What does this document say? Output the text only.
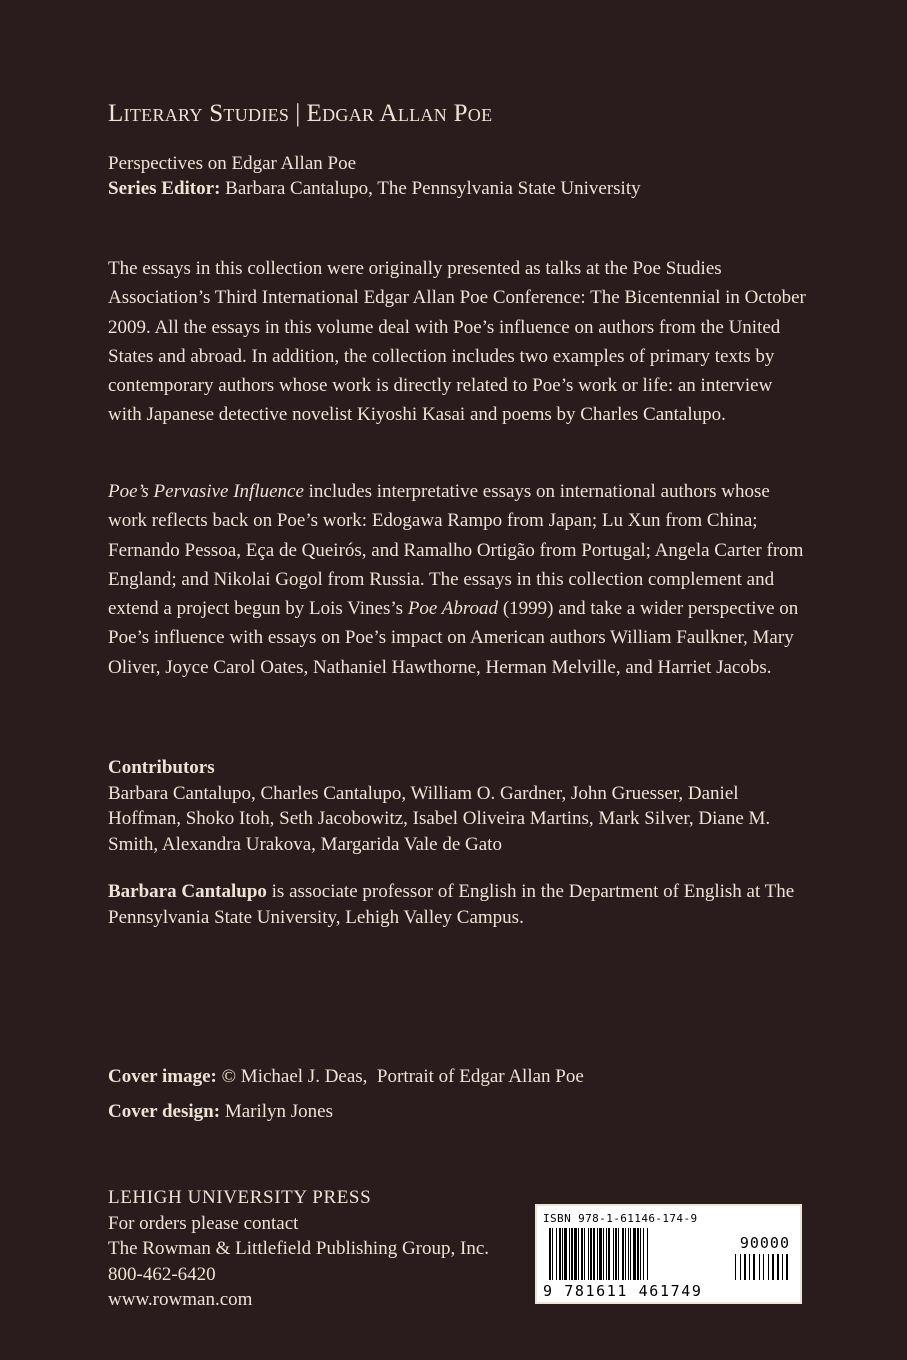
Literary Studies | Edgar Allan Poe
Perspectives on Edgar Allan Poe
Series Editor: Barbara Cantalupo, The Pennsylvania State University
The essays in this collection were originally presented as talks at the Poe Studies Association’s Third International Edgar Allan Poe Conference: The Bicentennial in October 2009. All the essays in this volume deal with Poe’s influence on authors from the United States and abroad. In addition, the collection includes two examples of primary texts by contemporary authors whose work is directly related to Poe’s work or life: an interview with Japanese detective novelist Kiyoshi Kasai and poems by Charles Cantalupo.
Poe’s Pervasive Influence includes interpretative essays on international authors whose work reflects back on Poe’s work: Edogawa Rampo from Japan; Lu Xun from China; Fernando Pessoa, Eça de Queirós, and Ramalho Ortigão from Portugal; Angela Carter from England; and Nikolai Gogol from Russia. The essays in this collection complement and extend a project begun by Lois Vines’s Poe Abroad (1999) and take a wider perspective on Poe’s influence with essays on Poe’s impact on American authors William Faulkner, Mary Oliver, Joyce Carol Oates, Nathaniel Hawthorne, Herman Melville, and Harriet Jacobs.
Contributors
Barbara Cantalupo, Charles Cantalupo, William O. Gardner, John Gruesser, Daniel Hoffman, Shoko Itoh, Seth Jacobowitz, Isabel Oliveira Martins, Mark Silver, Diane M. Smith, Alexandra Urakova, Margarida Vale de Gato
Barbara Cantalupo is associate professor of English in the Department of English at The Pennsylvania State University, Lehigh Valley Campus.
Cover image: © Michael J. Deas,  Portrait of Edgar Allan Poe
Cover design: Marilyn Jones
LEHIGH UNIVERSITY PRESS
For orders please contact
The Rowman & Littlefield Publishing Group, Inc.
800-462-6420
www.rowman.com
ISBN 978-1-61146-174-9
90000
9 781611 461749
